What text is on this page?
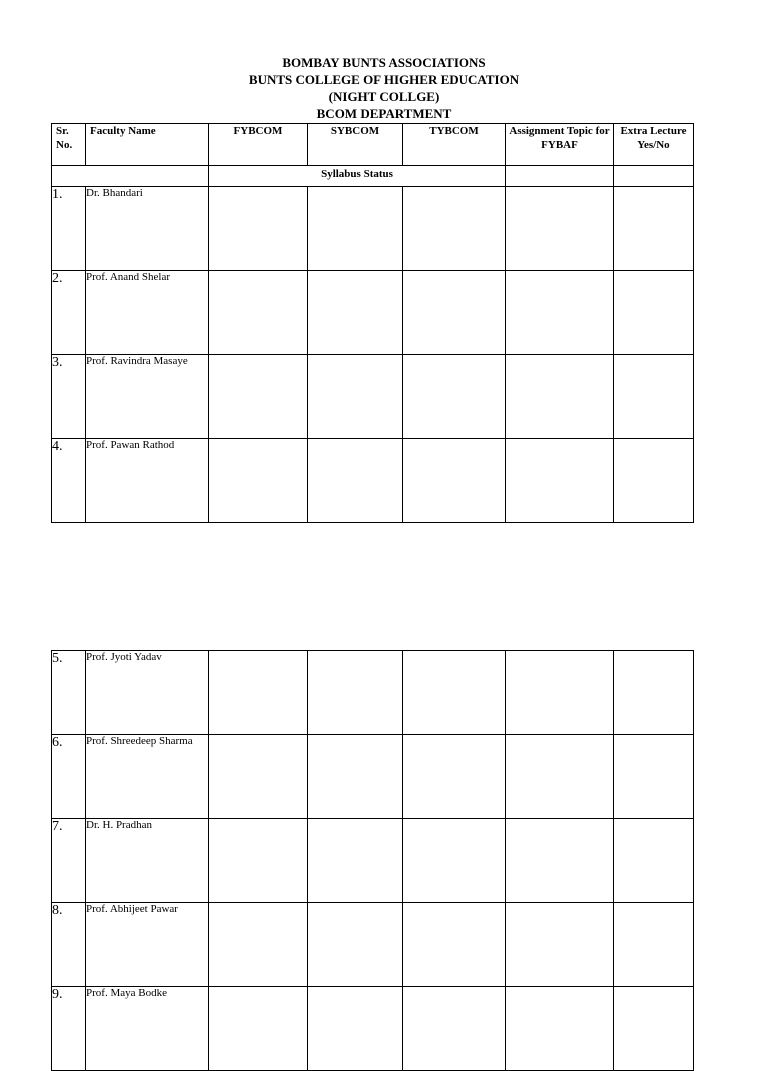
BOMBAY BUNTS ASSOCIATIONS
BUNTS COLLEGE OF HIGHER EDUCATION
(NIGHT COLLGE)
BCOM DEPARTMENT
Sr. No.	Faculty Name	FYBCOM	SYBCOM	TYBCOM	Assignment Topic for FYBAF	Extra Lecture Yes/No
		Syllabus Status				
1.	Dr. Bhandari					
2.	Prof. Anand Shelar					
3.	Prof. Ravindra Masaye					
4.	Prof. Pawan Rathod					
5.	Prof. Jyoti Yadav					
6.	Prof. Shreedeep Sharma					
7.	Dr. H. Pradhan					
8.	Prof. Abhijeet Pawar					
9.	Prof. Maya Bodke					
